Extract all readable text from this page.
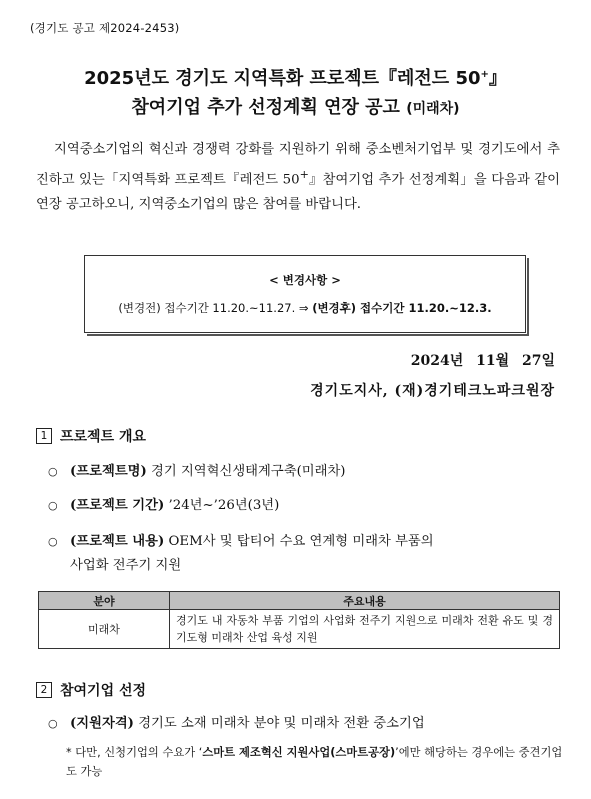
(경기도 공고 제2024-2453)
2025년도 경기도 지역특화 프로젝트『레전드 50+』
참여기업 추가 선정계획 연장 공고 (미래차)
지역중소기업의 혁신과 경쟁력 강화를 지원하기 위해 중소벤처기업부 및 경기도에서 추진하고 있는「지역특화 프로젝트『레전드 50+』참여기업 추가 선정계획」을 다음과 같이 연장 공고하오니, 지역중소기업의 많은 참여를 바랍니다.
< 변경사항 >
(변경전) 접수기간 11.20.~11.27. ⇒ (변경후) 접수기간 11.20.~12.3.
2024년 11월 27일
경기도지사, (재)경기테크노파크원장
1 프로젝트 개요
○ (프로젝트명) 경기 지역혁신생태계구축(미래차)
○ (프로젝트 기간) ’24년~’26년(3년)
○ (프로젝트 내용) OEM사 및 탑티어 수요 연계형 미래차 부품의
사업화 전주기 지원
분야	주요내용
미래차	경기도 내 자동차 부품 기업의 사업화 전주기 지원으로 미래차 전환 유도 및 경기도형 미래차 산업 육성 지원
2 참여기업 선정
○ (지원자격) 경기도 소재 미래차 분야 및 미래차 전환 중소기업
* 다만, 신청기업의 수요가 ‘스마트 제조혁신 지원사업(스마트공장)’에만 해당하는 경우에는 중견기업도 가능
